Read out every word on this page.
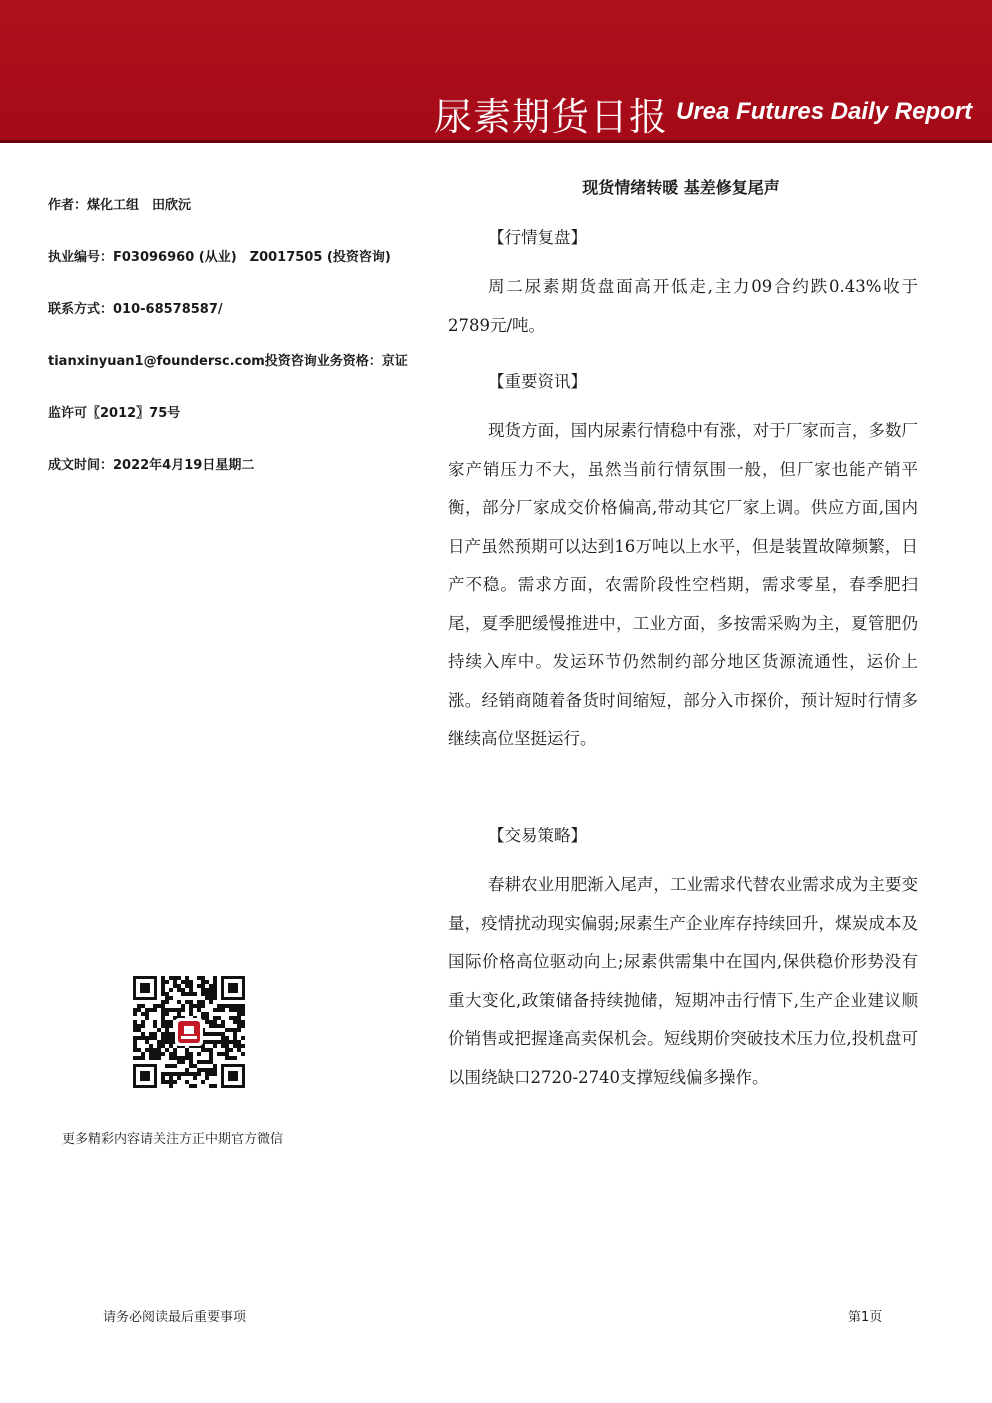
尿素期货日报 Urea Futures Daily Report
作者：煤化工组　田欣沅
执业编号：F03096960 (从业)　Z0017505 (投资咨询)
联系方式：010-68578587/
tianxinyuan1@foundersc.com投资咨询业务资格：京证
监许可〖2012〗75号
成文时间：2022年4月19日星期二
更多精彩内容请关注方正中期官方微信
现货情绪转暖 基差修复尾声
【行情复盘】

周二尿素期货盘面高开低走,主力09合约跌0.43%收于2789元/吨。

【重要资讯】

现货方面，国内尿素行情稳中有涨，对于厂家而言，多数厂家产销压力不大，虽然当前行情氛围一般，但厂家也能产销平衡，部分厂家成交价格偏高,带动其它厂家上调。供应方面,国内日产虽然预期可以达到16万吨以上水平，但是装置故障频繁，日产不稳。需求方面，农需阶段性空档期，需求零星，春季肥扫尾，夏季肥缓慢推进中，工业方面，多按需采购为主，夏管肥仍持续入库中。发运环节仍然制约部分地区货源流通性，运价上涨。经销商随着备货时间缩短，部分入市探价，预计短时行情多继续高位坚挺运行。

【交易策略】

春耕农业用肥渐入尾声，工业需求代替农业需求成为主要变量，疫情扰动现实偏弱;尿素生产企业库存持续回升，煤炭成本及国际价格高位驱动向上;尿素供需集中在国内,保供稳价形势没有重大变化,政策储备持续抛储，短期冲击行情下,生产企业建议顺价销售或把握逢高卖保机会。短线期价突破技术压力位,投机盘可以围绕缺口2720-2740支撑短线偏多操作。

请务必阅读最后重要事项	第1页
